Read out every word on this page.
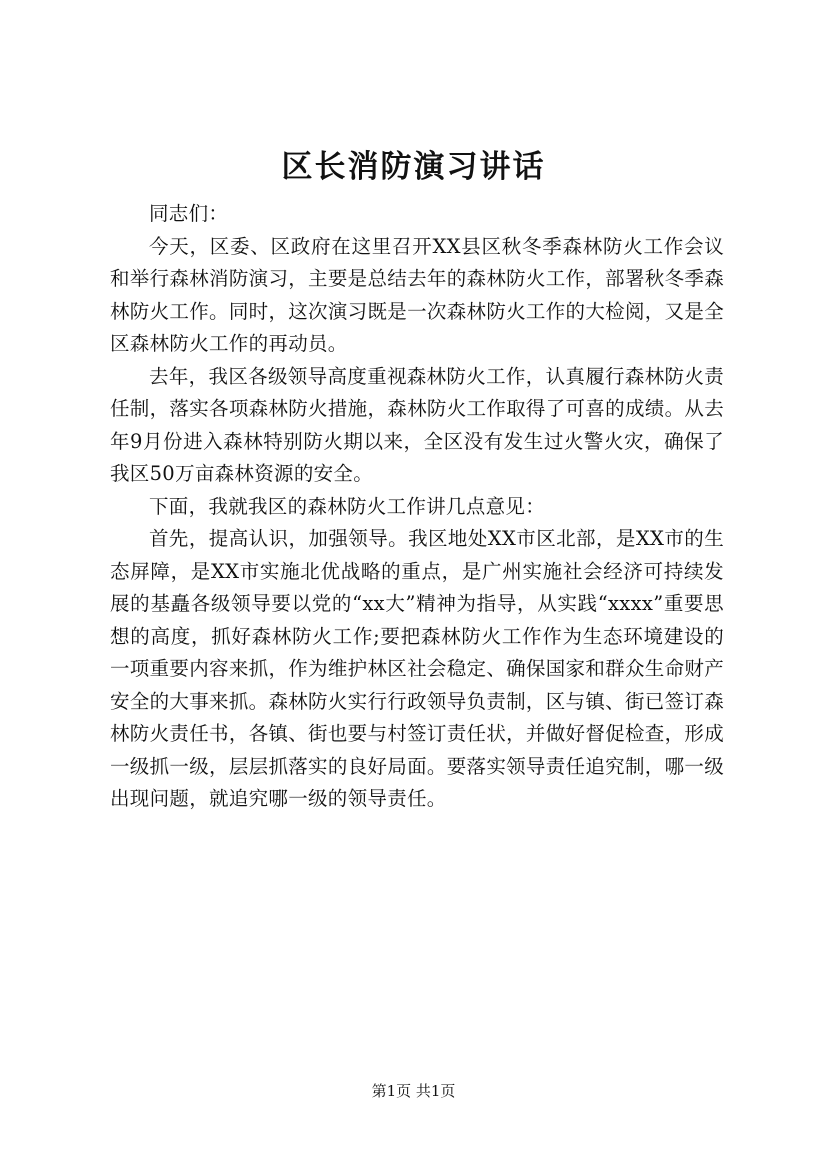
区长消防演习讲话

同志们：

今天，区委、区政府在这里召开XX县区秋冬季森林防火工作会议和举行森林消防演习，主要是总结去年的森林防火工作，部署秋冬季森林防火工作。同时，这次演习既是一次森林防火工作的大检阅，又是全区森林防火工作的再动员。

去年，我区各级领导高度重视森林防火工作，认真履行森林防火责任制，落实各项森林防火措施，森林防火工作取得了可喜的成绩。从去年9月份进入森林特别防火期以来，全区没有发生过火警火灾，确保了我区50万亩森林资源的安全。

下面，我就我区的森林防火工作讲几点意见：

首先，提高认识，加强领导。我区地处XX市区北部，是XX市的生态屏障，是XX市实施北优战略的重点，是广州实施社会经济可持续发展的基矗各级领导要以党的“xx大”精神为指导，从实践“xxxx”重要思想的高度，抓好森林防火工作;要把森林防火工作作为生态环境建设的一项重要内容来抓，作为维护林区社会稳定、确保国家和群众生命财产安全的大事来抓。森林防火实行行政领导负责制，区与镇、街已签订森林防火责任书，各镇、街也要与村签订责任状，并做好督促检查，形成一级抓一级，层层抓落实的良好局面。要落实领导责任追究制，哪一级出现问题，就追究哪一级的领导责任。

第1页 共1页
